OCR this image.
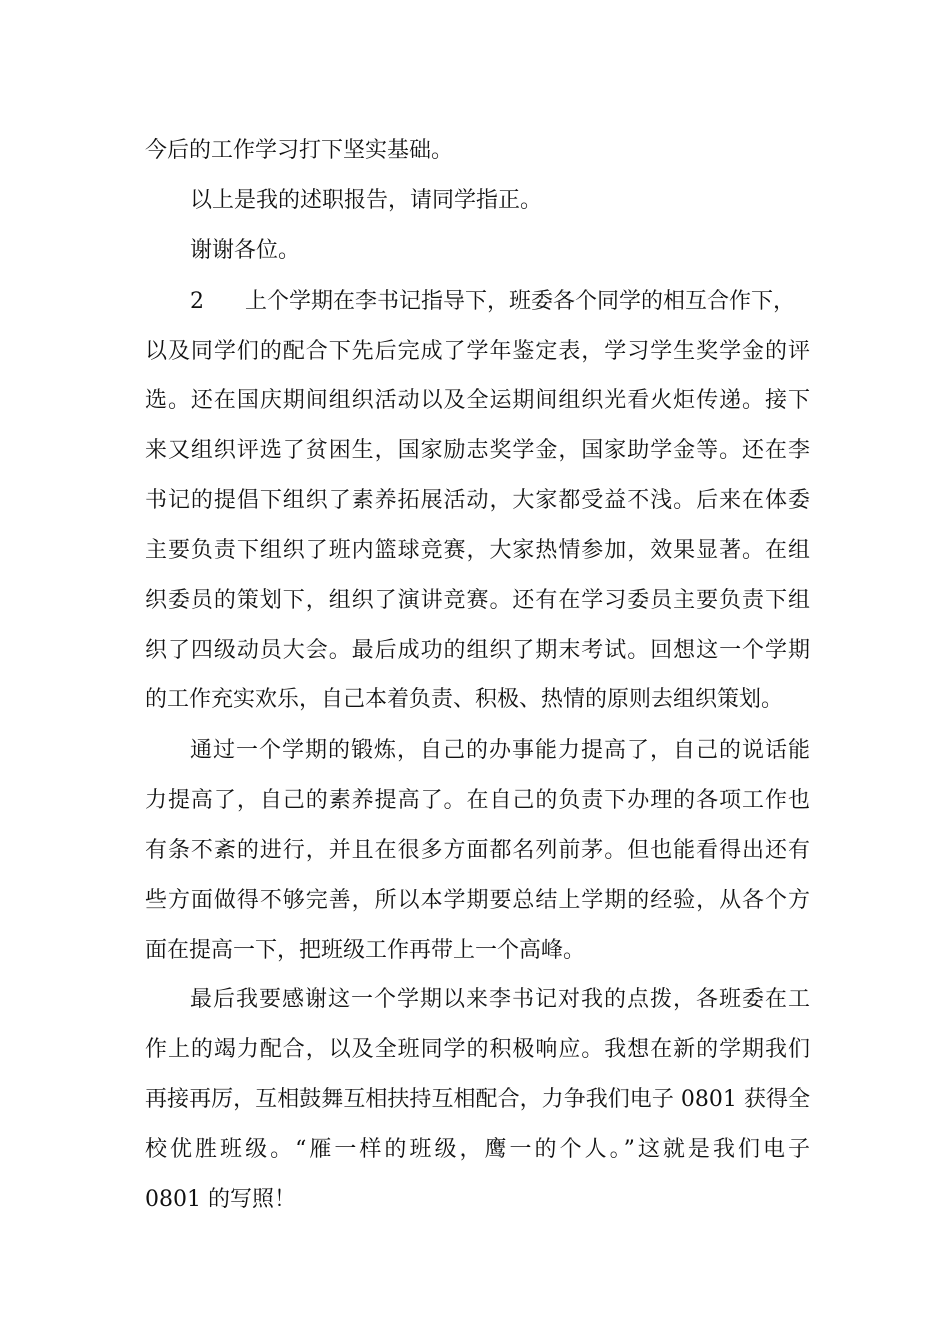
今后的工作学习打下坚实基础。
以上是我的述职报告，请同学指正。
谢谢各位。
2 上个学期在李书记指导下，班委各个同学的相互合作下，
以及同学们的配合下先后完成了学年鉴定表，学习学生奖学金的评
选。还在国庆期间组织活动以及全运期间组织光看火炬传递。接下
来又组织评选了贫困生，国家励志奖学金，国家助学金等。还在李
书记的提倡下组织了素养拓展活动，大家都受益不浅。后来在体委
主要负责下组织了班内篮球竞赛，大家热情参加，效果显著。在组
织委员的策划下，组织了演讲竞赛。还有在学习委员主要负责下组
织了四级动员大会。最后成功的组织了期末考试。回想这一个学期
的工作充实欢乐，自己本着负责、积极、热情的原则去组织策划。
通过一个学期的锻炼，自己的办事能力提高了，自己的说话能
力提高了，自己的素养提高了。在自己的负责下办理的各项工作也
有条不紊的进行，并且在很多方面都名列前茅。但也能看得出还有
些方面做得不够完善，所以本学期要总结上学期的经验，从各个方
面在提高一下，把班级工作再带上一个高峰。
最后我要感谢这一个学期以来李书记对我的点拨，各班委在工
作上的竭力配合，以及全班同学的积极响应。我想在新的学期我们
再接再厉，互相鼓舞互相扶持互相配合，力争我们电子 0801 获得全
校优胜班级。“雁一样的班级，鹰一的个人。”这就是我们电子
0801 的写照！
